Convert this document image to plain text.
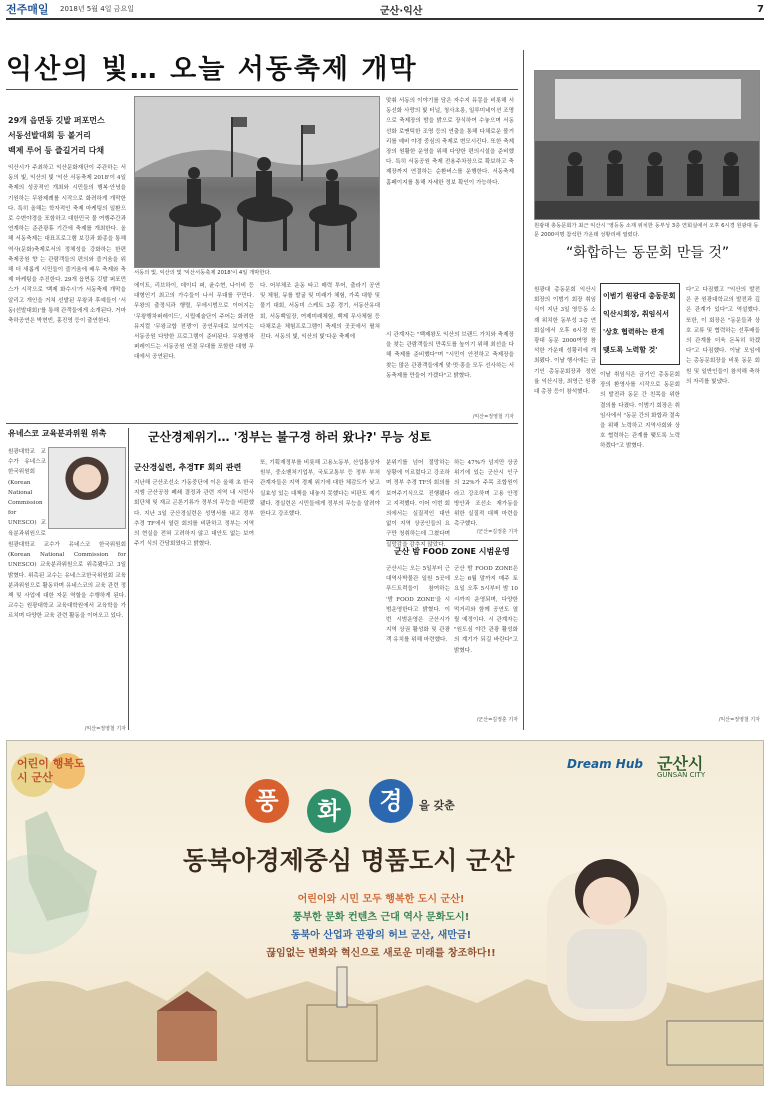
전주매일	2018년 5월 4일 금요일	군산·익산	7
익산의 빛… 오늘 서동축제 개막
29개 읍면동 깃발 퍼포먼스
서동선발대회 등 볼거리
백제 루어 등 즐길거리 다채
서동의 빛, 익산의 빛 '익산서동축제 2018'이 4일 개막한다.
익산시가 주최하고 익산문화재단이 주관하는 서동의 빛, 익산의 빛 '익산 서동축제 2018'이 4일 축제의 성공적인 개최와 시민들의 행복·안녕을 기원하는 무왕제례를 시작으로 화려하게 개막한다. 특히 올해는 학자적인 축제 마케팅의 일환으로 수변야경을 포함하고 대한민국 물 여행주간과 연계하는 준관광휴 기간에 축제를 개최한다. 올해 서동축제는 대표프로그램 보강과 화종을 통해 역사(문화)축제로서의 정체성을 강화하는 한편 축제공원 향 는 관람객들의 편의와 즐거움을 위해 더 새롭게 시민들이 즐거움에 배우 축제와 축제 마케팅을 추진한다. 29개 읍면동 깃발 퍼포먼스가 시작으로 '백제 화수시'가 서동축제 개막을 알리고 개인을 거쳐 선발된 무왕과 후예들이 '서동(선발대회)'를 통해 관객들에게 소개된다. 거마축하공연은 박현빈, 홍진영 등이 출연한다.
에이트, 리브하이, 데이디 퍼, 윤수현, 나이비 등 대형인기 최고의 가수들이 나서 무대를 꾸민다. 무왕의 출정식과 행렬, 무에시범으로 이어지는 '무왕행차퍼레이드', 시립예술단이 주어는 화려한 뮤지컬 '무왕교합 전쟁'이 공연무대로 보여지는 서동공원 다양한 프로그램이 준비된다. 무왕행차퍼레이드는 서동공원 연결 무대를 포함한 대형 무대에서 공연된다.
다. 어부체조 운동 타고 매력 투어, 출라기 공연 및 체험, 뮤를 발굴 및 미래가 체험, 가족 대항 및 물기 대회, 서동미 스케트 3종 경기, 서동산유대회, 서동백일장, 여제미래체험, 백제 무사체험 등 다채로운 체험프로그램이 축제의 곳곳에서 펼쳐진다. 서동의 빛, 익산의 빛'다운 축제에
맞춰 서동의 이야기를 담은 자수지 뮤몽을 비롯해 서동선화 사랑의 빛 터널, 청사초롱, 일루미네이션 조명으로 축제장의 밤을 밝으로 장식하여 수놓으며 서동선화 로맨틱한 조명 등의 연출을 통해 다채로운 볼거리를 예비 야경 중심의 축제로 변모시킨다. 또한 축제장의 원활한 운영을 위해 다양한 편의시설을 준비했다. 특히 서동공원 축제 전용주차장으로 확보하고 축제장까지 연결하는 순환버스를 운행한다. 서동축제 홈페이지를 통해 자세한 정보 확인이 가능하다.
시 관계자는 "백제왕도 익산의 브랜드 가치와 축제장을 찾는 관람객들의 만족도를 높이기 위해 최선을 다해 축제를 준비했다"며 "시민이 안전하고 축제장을 찾는 많은 관광객들에게 맞·멋·흥을 모두 선사하는 서동축제를 만들어 가겠다"고 밝혔다.
/익산=정영철 기자
원광대 총동문회가 최근 익산시 '영등동 소재 위치한 동부성 3층 연회실에서 오후 6시경 원광대 동문 2000여명 참석한 가운데 성황리에 열렸다.
“화합하는 동문회 만들 것”
원광대 총동문회 익산시회장의 이범기 회장 취임식이 지난 3일 영등동 소재 위치한 동부성 3층 연회실에서 오후 6시경 원광대 동문 2000여명 참석한 가운데 성황리에 개최됐다. 이날 행사에는 금기인 총동문회장과 정헌율 익산시장, 최영근 원광대 총장 등이 참석했다.
이범기 원광대 총동문회
익산시회장, 취임식서
'상호 협력하는 관계
맺도록 노력할 것'
이날 취임식은 금기인 총동문회장의 환영사를 시작으로 동문회의 발전과 동문 간 친목을 위한 결의를 다졌다. 이범기 회장은 취임사에서 "동문 간의 화합과 결속을 위해 노력하고 지역사회와 상호 협력하는 관계를 맺도록 노력하겠다"고 밝혔다.
다"고 다짐했고 "익산의 발전은 곧 원광대학교의 발전과 깊은 관계가 있다"고 역설했다. 또한, 이 회장은 "동문들과 상호 교류 및 협력하는 선후배들의 관계를 더욱 돈독히 하겠다"고 다짐했다. 이날 모임에는 총동문회장을 비롯 동문 회원 및 일반인들이 참석해 축하의 자리를 빛냈다.
/익산=정영철 기자
유네스코 교육분과위원 위촉
원광대학교 교수가 유네스코 한국위원회(Korean National Commission for UNESCO) 교육분과위원으로
원광대학교 교수가 유네스코 한국위원회(Korean National Commission for UNESCO) 교육분과위원으로 위촉됐다고 3일 밝혔다. 위촉된 교수는 유네스코한국위원회 교육분과위원으로 활동하며 유네스코의 교육 관련 정책 및 사업에 대한 자문 역할을 수행하게 된다. 교수는 원광대학교 교육대학원에서 교육학을 가르치며 다양한 교육 관련 활동을 이어오고 있다.
/익산=정영철 기자
군산경제위기… '정부는 불구경 하러 왔나?' 무능 성토
군산경실련, 추경TF 회의 관련
지난해 군산조선소 가동중단에 이은 올해 초 한국지엠 군산공장 폐쇄 결정과 관련 지역 내 시민사회단체 및 재교 곤론기류가 정부의 무능을 비판했다. 지난 3일 군산경실련은 성명서를 내고 정부 추경 TF에서 열린 회의를 비판하고 정부는 지역의 현실을 전혀 고려하지 않고 대안도 없는 보여주기 식의 간담회였다고 밝혔다.
또, 기획재정부를 비롯해 고용노동부, 산업통상자원부, 중소벤처기업부, 국토교통부 등 정부 부처 관계자들은 지역 경제 위기에 대한 체감도가 낮고 실효성 있는 대책을 내놓지 못했다는 비판도 제기됐다. 경실련은 시민들에게 정부의 무능을 알려야 한다고 강조했다.
분위기를 넘어 절망하는 상황에 이르렀다고 강조하며 정부 추경 TF의 회의를 보여주기식으로 진행됐다고 지적했다. 이어 이번 회의에서는 실질적인 대안 없이 지역 상공인들의 요구만 청취하는데 그쳤다며 실망감을 감추지 않았다.
하는 47%가 넘지만 상공 위기에 있는 군산시 인구의 22%가 주목 조합원이라고 강조하며 고용 안정 방안과 조선소 재가동을 위한 실질적 대책 마련을 촉구했다.
/군산=김정훈 기자
군산 밤 FOOD ZONE 시범운영
군산시는 오는 5일부터 근대역사박물관 일원 5곳에 푸드트럭들이 참여하는 '밤 FOOD ZONE'을 시범운영한다고 밝혔다. 이번 시범운영은 군산시가 지역 상권 활성화 및 관광객 유치를 위해 마련했다.
군산 밤 FOOD ZONE은 오는 6월 말까지 매주 토요일 오후 5시부터 밤 10시까지 운영되며, 다양한 먹거리와 함께 공연도 열릴 예정이다. 시 관계자는 "원도심 야간 관광 활성화의 계기가 되길 바란다"고 밝혔다.
/군산=김정훈 기자
어린이 행복도시 군산
Dream Hub 군산시
GUNSAN CITY
풍	화	경	을 갖춘
동북아경제중심 명품도시 군산
어린이와 시민 모두 행복한 도시 군산!
풍부한 문화 컨텐츠 근대 역사 문화도시!
동북아 산업과 관광의 허브 군산, 새만금!
끊임없는 변화와 혁신으로 새로운 미래를 창조하다!!
